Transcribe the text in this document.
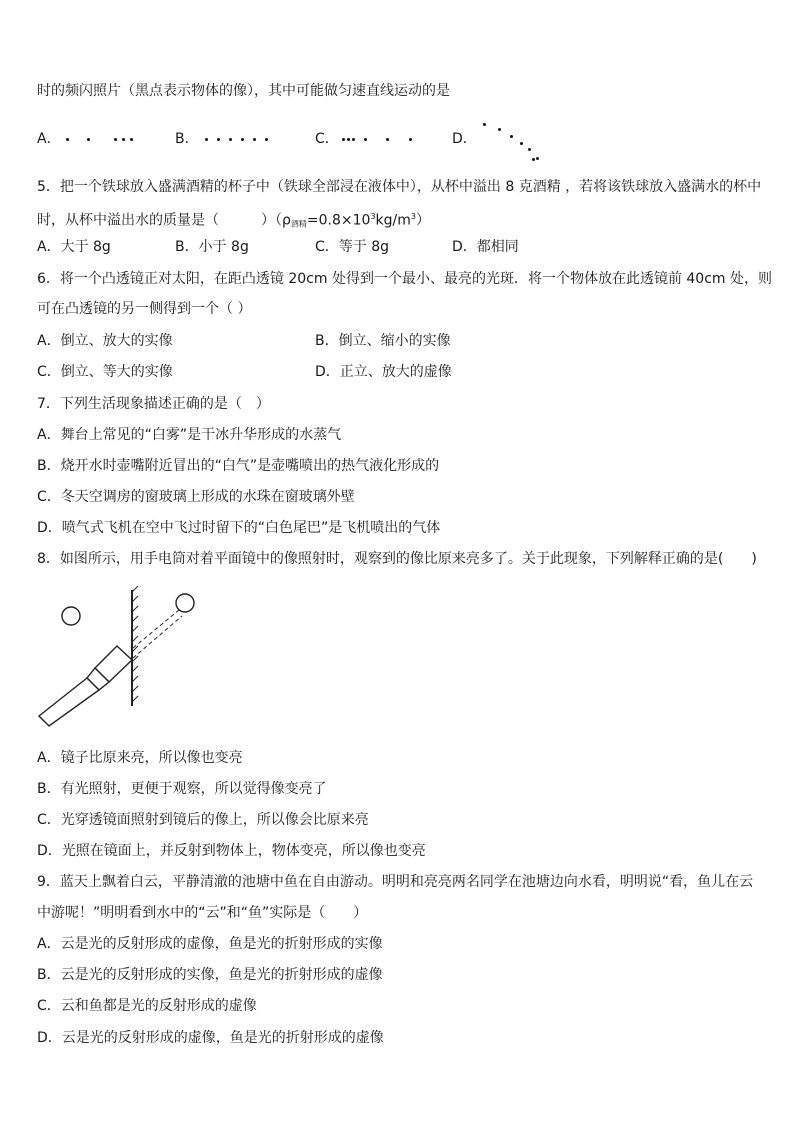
时的频闪照片（黑点表示物体的像），其中可能做匀速直线运动的是
A．	B．	C．	D．
5．把一个铁球放入盛满酒精的杯子中（铁球全部浸在液体中），从杯中溢出 8 克酒精 ，若将该铁球放入盛满水的杯中
时，从杯中溢出水的质量是（　　　）$(\rho_{酒精}=0.8\times 10^3kg/m^3)$
A．大于 8g	B．小于 8g	C．等于 8g	D．都相同
6．将一个凸透镜正对太阳，在距凸透镜 20cm 处得到一个最小、最亮的光斑．将一个物体放在此透镜前 40cm 处，则
可在凸透镜的另一侧得到一个（ ）
A．倒立、放大的实像	B．倒立、缩小的实像
C．倒立、等大的实像	D．正立、放大的虚像
7．下列生活现象描述正确的是（　）
A．舞台上常见的“白雾”是干冰升华形成的水蒸气
B．烧开水时壶嘴附近冒出的“白气”是壶嘴喷出的热气液化形成的
C．冬天空调房的窗玻璃上形成的水珠在窗玻璃外壁
D．喷气式飞机在空中飞过时留下的“白色尾巴”是飞机喷出的气体
8．如图所示，用手电筒对着平面镜中的像照射时，观察到的像比原来亮多了。关于此现象，下列解释正确的是(　　)
A．镜子比原来亮，所以像也变亮
B．有光照射，更便于观察，所以觉得像变亮了
C．光穿透镜面照射到镜后的像上，所以像会比原来亮
D．光照在镜面上，并反射到物体上，物体变亮，所以像也变亮
9．蓝天上飘着白云，平静清澈的池塘中鱼在自由游动。明明和亮亮两名同学在池塘边向水看，明明说“看，鱼儿在云
中游呢！”明明看到水中的“云”和“鱼”实际是（　　）
A．云是光的反射形成的虚像，鱼是光的折射形成的实像
B．云是光的反射形成的实像，鱼是光的折射形成的虚像
C．云和鱼都是光的反射形成的虚像
D．云是光的反射形成的虚像，鱼是光的折射形成的虚像
